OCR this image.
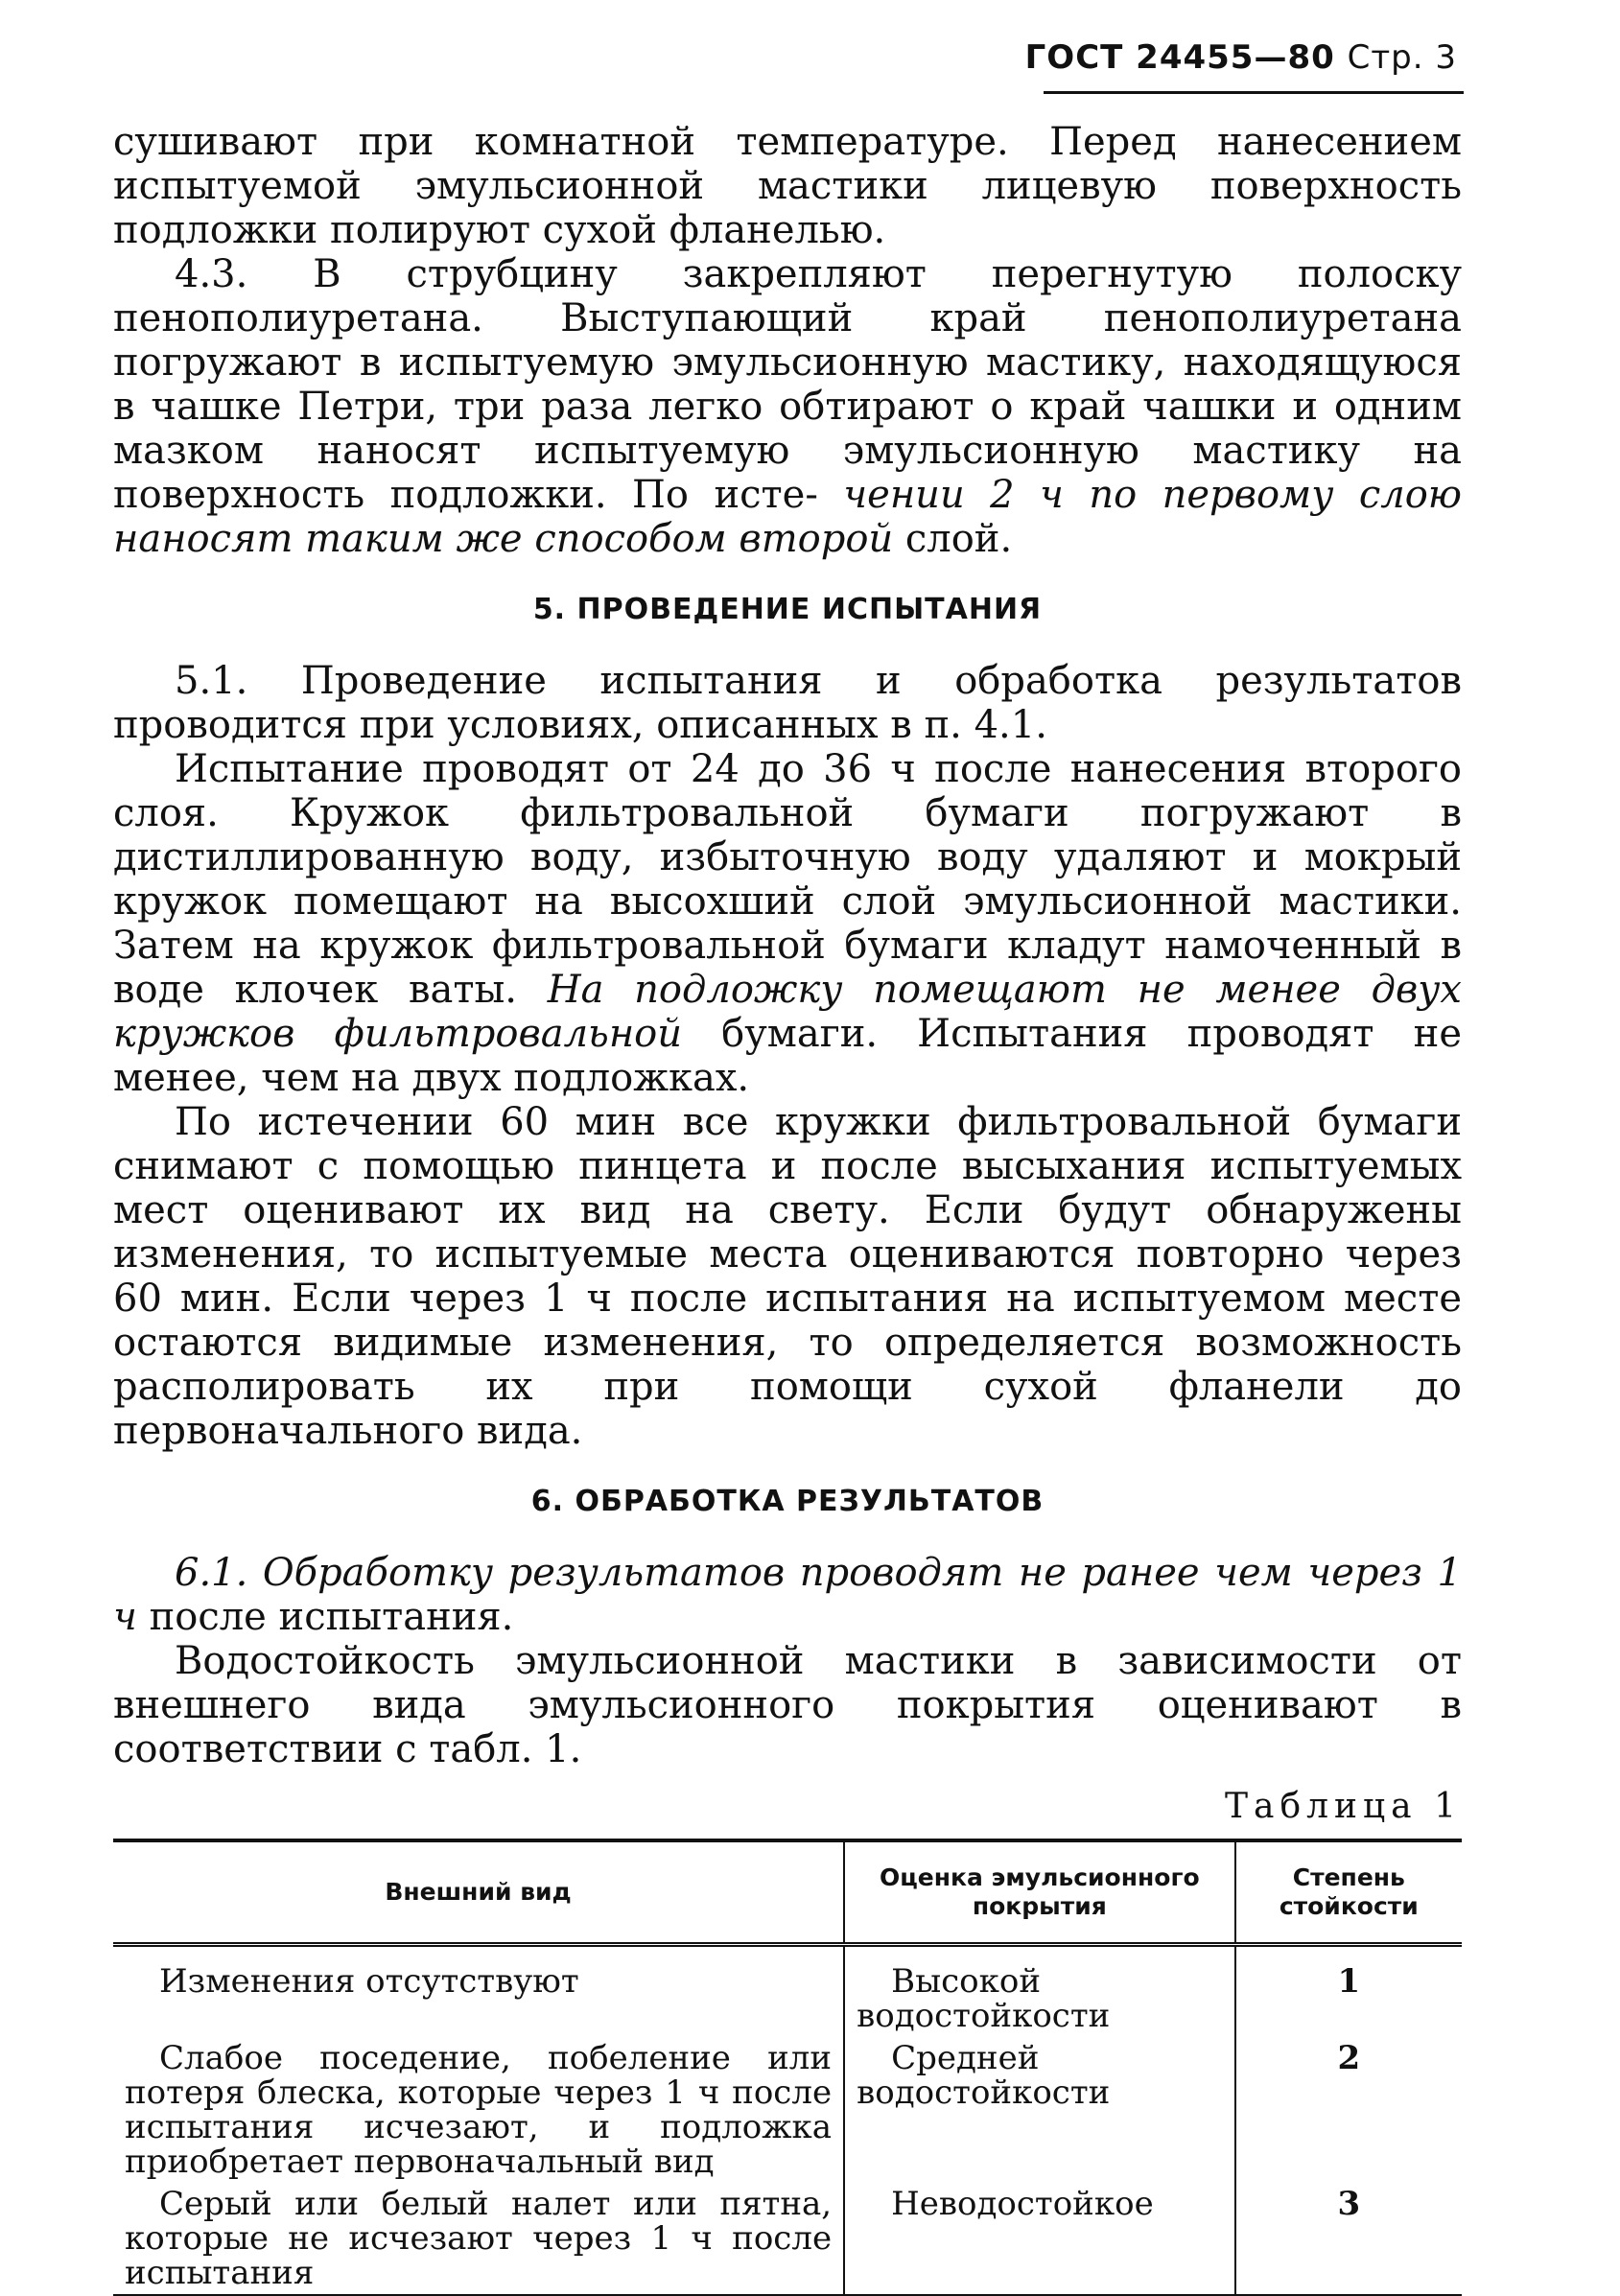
ГОСТ 24455—80 Стр. 3

сушивают при комнатной температуре. Перед нанесением испытуемой эмульсионной мастики лицевую поверхность подложки полируют сухой фланелью.

4.3. В струбцину закрепляют перегнутую полоску пенополиуретана. Выступающий край пенополиуретана погружают в испытуемую эмульсионную мастику, находящуюся в чашке Петри, три раза легко обтирают о край чашки и одним мазком наносят испытуемую эмульсионную мастику на поверхность подложки. По исте- чении 2 ч по первому слою наносят таким же способом второй слой.

5. ПРОВЕДЕНИЕ ИСПЫТАНИЯ

5.1. Проведение испытания и обработка результатов проводится при условиях, описанных в п. 4.1.

Испытание проводят от 24 до 36 ч после нанесения второго слоя. Кружок фильтровальной бумаги погружают в дистиллированную воду, избыточную воду удаляют и мокрый кружок помещают на высохший слой эмульсионной мастики. Затем на кружок фильтровальной бумаги кладут намоченный в воде клочек ваты. На подложку помещают не менее двух кружков фильтровальной бумаги. Испытания проводят не менее, чем на двух подложках.

По истечении 60 мин все кружки фильтровальной бумаги снимают с помощью пинцета и после высыхания испытуемых мест оценивают их вид на свету. Если будут обнаружены изменения, то испытуемые места оцениваются повторно через 60 мин. Если через 1 ч после испытания на испытуемом месте остаются видимые изменения, то определяется возможность располировать их при помощи сухой фланели до первоначального вида.

6. ОБРАБОТКА РЕЗУЛЬТАТОВ

6.1. Обработку результатов проводят не ранее чем через 1 ч после испытания.

Водостойкость эмульсионной мастики в зависимости от внешнего вида эмульсионного покрытия оценивают в соответствии с табл. 1.

Таблица 1
Внешний вид	Оценка эмульсионного покрытия	Степень стойкости
Изменения отсутствуют	Высокой водостойкости	1
Слабое поседение, побеление или потеря блеска, которые через 1 ч после испытания исчезают, и подложка приобретает первоначальный вид	Средней водостойкости	2
Серый или белый налет или пятна, которые не исчезают через 1 ч после испытания	Неводостойкое	3
